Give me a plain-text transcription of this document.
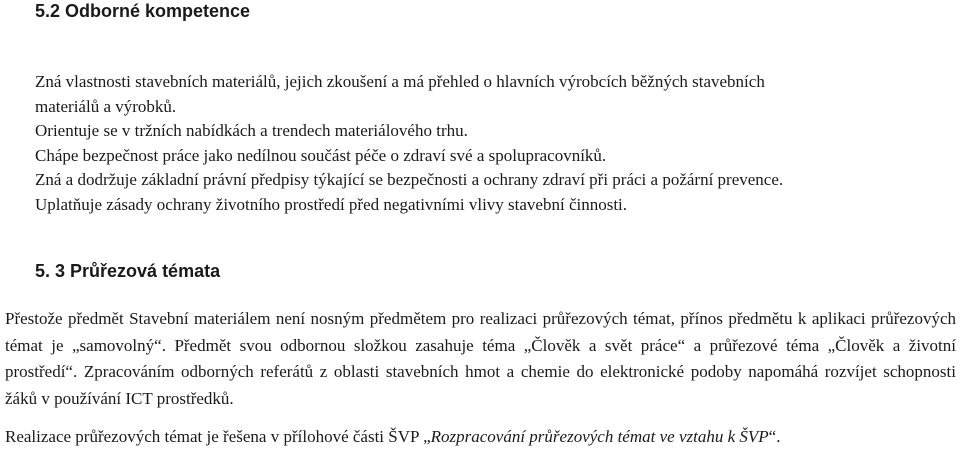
5.2 Odborné kompetence
Zná vlastnosti stavebních materiálů, jejich zkoušení a má přehled o hlavních výrobcích běžných stavebních
materiálů a výrobků.
Orientuje se v tržních nabídkách a trendech materiálového trhu.
Chápe bezpečnost práce jako nedílnou součást péče o zdraví své a spolupracovníků.
Zná a dodržuje základní právní předpisy týkající se bezpečnosti a ochrany zdraví při práci a požární prevence.
Uplatňuje zásady ochrany životního prostředí před negativními vlivy stavební činnosti.
5. 3 Průřezová témata
Přestože předmět Stavební materiálem není nosným předmětem pro realizaci průřezových témat, přínos předmětu k aplikaci průřezových témat je „samovolný“. Předmět svou odbornou složkou zasahuje téma „Člověk a svět práce“ a průřezové téma „Člověk a životní prostředí“. Zpracováním odborných referátů z oblasti stavebních hmot a chemie do elektronické podoby napomáhá rozvíjet schopnosti žáků v používání ICT prostředků.
Realizace průřezových témat je řešena v přílohové části ŠVP „Rozpracování průřezových témat ve vztahu k ŠVP“.
